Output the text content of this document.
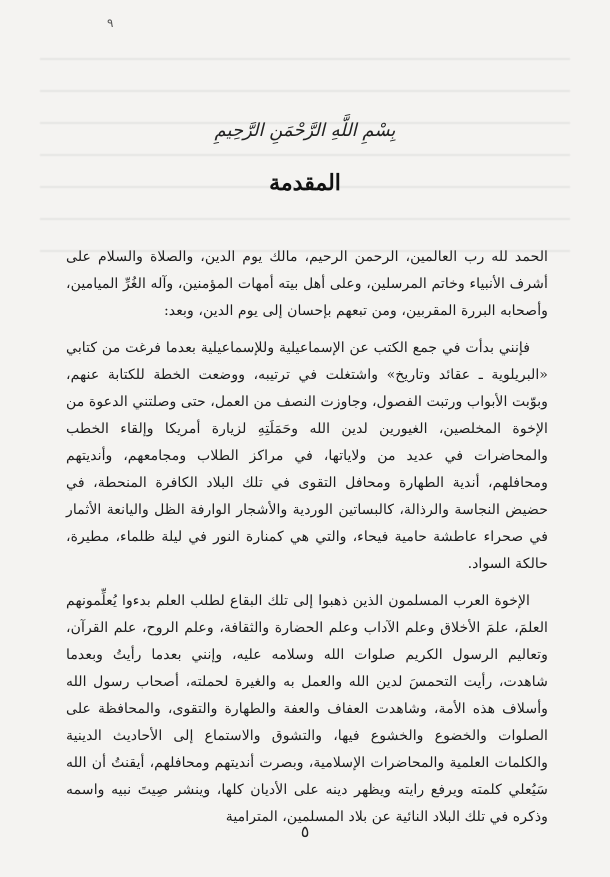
٩
بِسْمِ اللَّهِ الرَّحْمَنِ الرَّحِيمِ
المقدمة

الحمد لله رب العالمين، الرحمن الرحيم، مالك يوم الدين، والصلاة والسلام على أشرف الأنبياء وخاتم المرسلين، وعلى أهل بيته أمهات المؤمنين، وآله الغُرِّ الميامين، وأصحابه البررة المقربين، ومن تبعهم بإحسان إلى يوم الدين، وبعد:

فإنني بدأت في جمع الكتب عن الإسماعيلية وللإسماعيلية بعدما فرغت من كتابي «البريلوية ـ عقائد وتاريخ» واشتغلت في ترتيبه، ووضعت الخطة للكتابة عنهم، وبوّبت الأبواب ورتبت الفصول، وجاوزت النصف من العمل، حتى وصلتني الدعوة من الإخوة المخلصين، الغيورين لدين الله وحَمَلَتِهِ لزيارة أمريكا وإلقاء الخطب والمحاضرات في عديد من ولاياتها، في مراكز الطلاب ومجامعهم، وأنديتهم ومحافلهم، أندية الطهارة ومحافل التقوى في تلك البلاد الكافرة المنحطة، في حضيض النجاسة والرذالة، كالبساتين الوردية والأشجار الوارفة الظل واليانعة الأثمار في صحراء عاطشة حامية فيحاء، والتي هي كمنارة النور في ليلة ظلماء، مطيرة، حالكة السواد.

الإخوة العرب المسلمون الذين ذهبوا إلى تلك البقاع لطلب العلم بدءوا يُعلِّمونهم العلمَ، علمَ الأخلاق وعلم الآداب وعلم الحضارة والثقافة، وعلم الروح، علم القرآن، وتعاليم الرسول الكريم صلوات الله وسلامه عليه، وإنني بعدما رأيتُ وبعدما شاهدت، رأيت التحمسَ لدين الله والعمل به والغيرة لحملته، أصحاب رسول الله وأسلاف هذه الأمة، وشاهدت العفاف والعفة والطهارة والتقوى، والمحافظة على الصلوات والخضوع والخشوع فيها، والتشوق والاستماع إلى الأحاديث الدينية والكلمات العلمية والمحاضرات الإسلامية، وبصرت أنديتهم ومحافلهم، أيقنتُ أن الله سَيُعلي كلمته ويرفع رايته ويظهر دينه على الأديان كلها، وينشر صِيتَ نبيه واسمه وذكره في تلك البلاد النائية عن بلاد المسلمين، المترامية

٥
